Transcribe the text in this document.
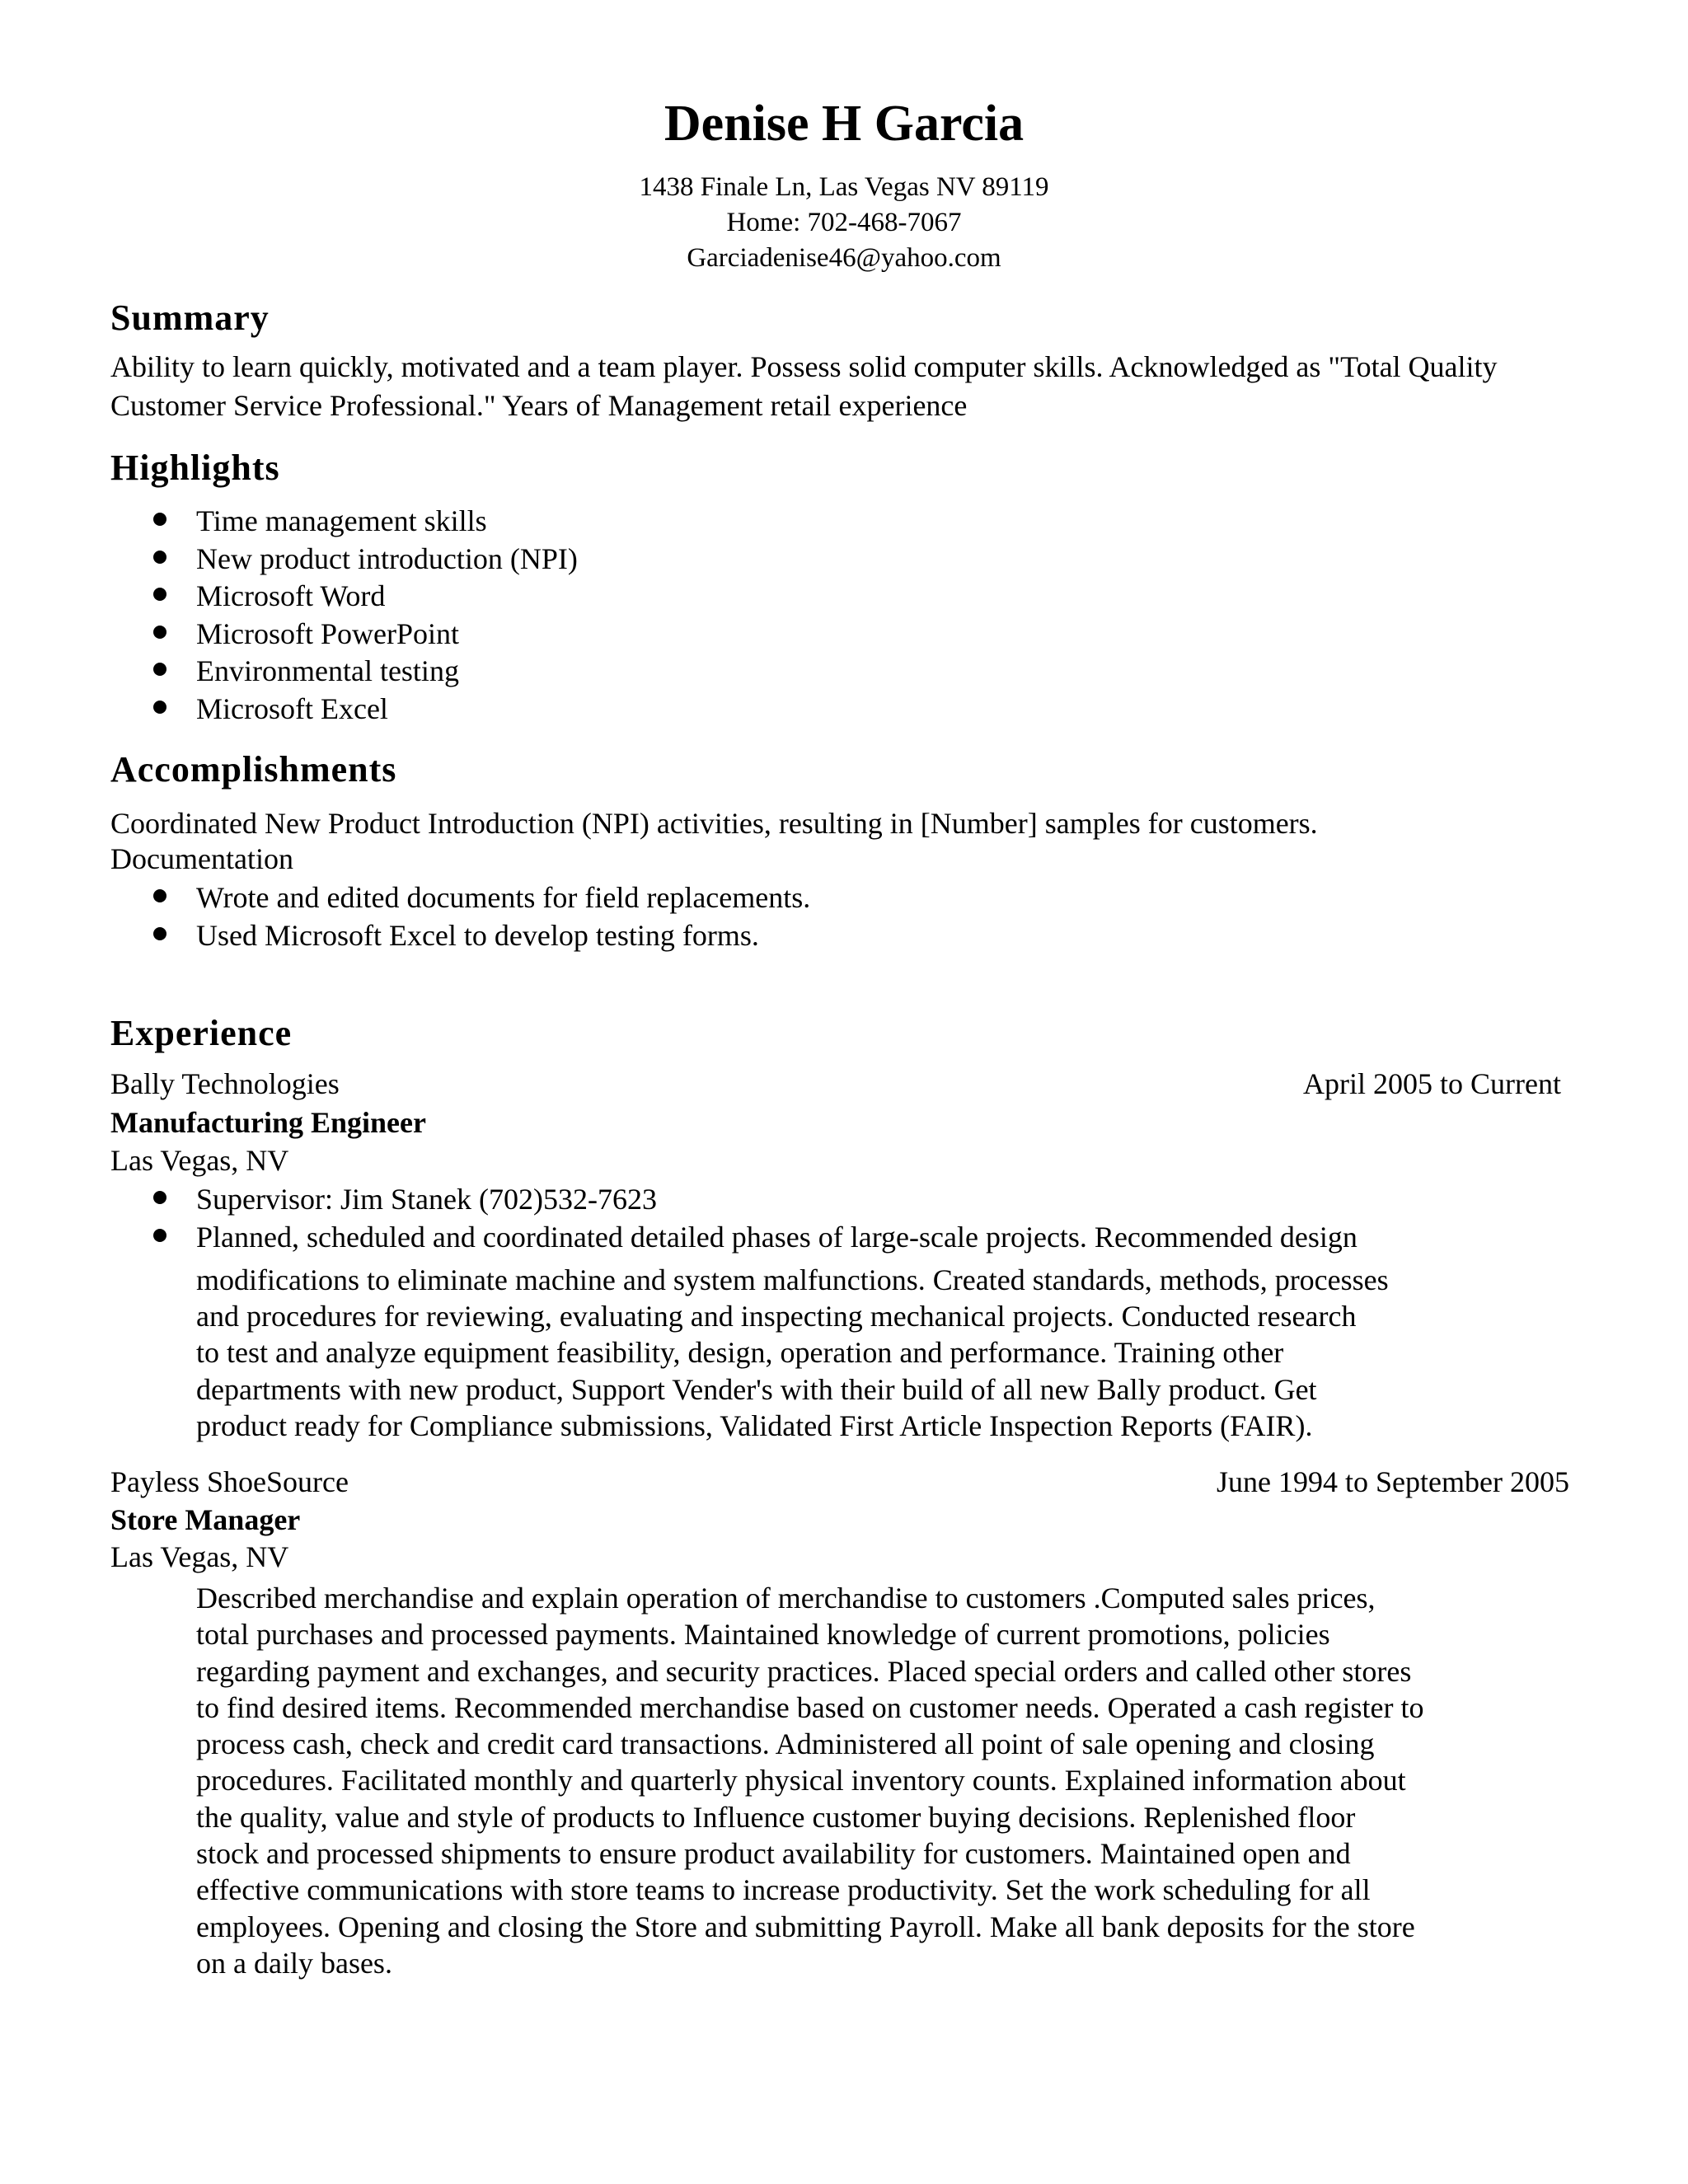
Denise H Garcia
1438 Finale Ln, Las Vegas NV 89119
Home: 702-468-7067
Garciadenise46@yahoo.com
Summary
Ability to learn quickly, motivated and a team player. Possess solid computer skills. Acknowledged as "Total Quality Customer Service Professional." Years of Management retail experience
Highlights
Time management skills
New product introduction (NPI)
Microsoft Word
Microsoft PowerPoint
Environmental testing
Microsoft Excel
Accomplishments
Coordinated New Product Introduction (NPI) activities, resulting in [Number] samples for customers.
Documentation
Wrote and edited documents for field replacements.
Used Microsoft Excel to develop testing forms.
Experience
Bally Technologies	April 2005 to Current
Manufacturing Engineer
Las Vegas, NV
Supervisor: Jim Stanek (702)532-7623
Planned, scheduled and coordinated detailed phases of large-scale projects. Recommended design
modifications to eliminate machine and system malfunctions. Created standards, methods, processes
and procedures for reviewing, evaluating and inspecting mechanical projects. Conducted research
to test and analyze equipment feasibility, design, operation and performance. Training other
departments with new product, Support Vender's with their build of all new Bally product. Get
product ready for Compliance submissions, Validated First Article Inspection Reports (FAIR).
Payless ShoeSource	June 1994 to September 2005
Store Manager
Las Vegas, NV
Described merchandise and explain operation of merchandise to customers .Computed sales prices,
total purchases and processed payments. Maintained knowledge of current promotions, policies
regarding payment and exchanges, and security practices. Placed special orders and called other stores
to find desired items. Recommended merchandise based on customer needs. Operated a cash register to
process cash, check and credit card transactions. Administered all point of sale opening and closing
procedures. Facilitated monthly and quarterly physical inventory counts. Explained information about
the quality, value and style of products to Influence customer buying decisions. Replenished floor
stock and processed shipments to ensure product availability for customers. Maintained open and
effective communications with store teams to increase productivity. Set the work scheduling for all
employees. Opening and closing the Store and submitting Payroll. Make all bank deposits for the store
on a daily bases.
